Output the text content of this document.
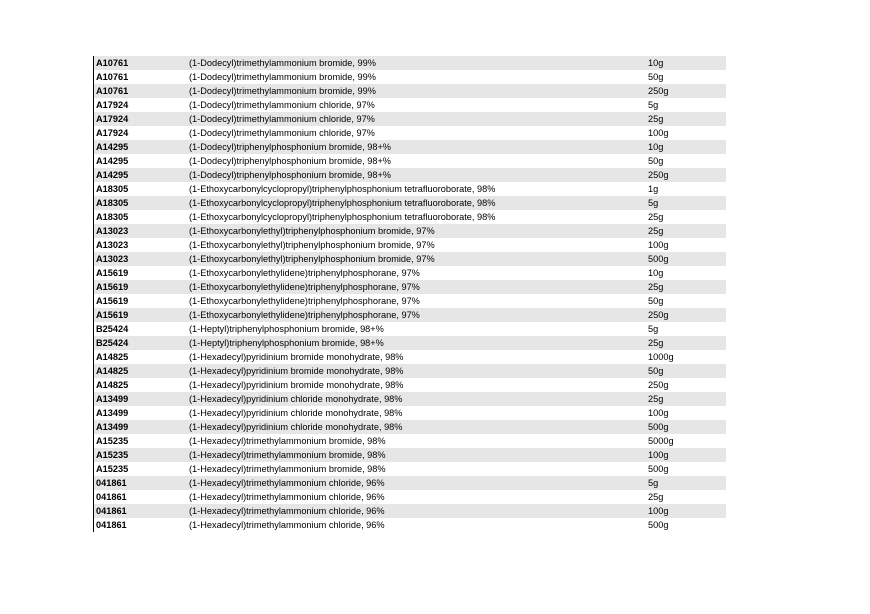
A10761	(1-Dodecyl)trimethylammonium bromide, 99%	10g
A10761	(1-Dodecyl)trimethylammonium bromide, 99%	50g
A10761	(1-Dodecyl)trimethylammonium bromide, 99%	250g
A17924	(1-Dodecyl)trimethylammonium chloride, 97%	5g
A17924	(1-Dodecyl)trimethylammonium chloride, 97%	25g
A17924	(1-Dodecyl)trimethylammonium chloride, 97%	100g
A14295	(1-Dodecyl)triphenylphosphonium bromide, 98+%	10g
A14295	(1-Dodecyl)triphenylphosphonium bromide, 98+%	50g
A14295	(1-Dodecyl)triphenylphosphonium bromide, 98+%	250g
A18305	(1-Ethoxycarbonylcyclopropyl)triphenylphosphonium tetrafluoroborate, 98%	1g
A18305	(1-Ethoxycarbonylcyclopropyl)triphenylphosphonium tetrafluoroborate, 98%	5g
A18305	(1-Ethoxycarbonylcyclopropyl)triphenylphosphonium tetrafluoroborate, 98%	25g
A13023	(1-Ethoxycarbonylethyl)triphenylphosphonium bromide, 97%	25g
A13023	(1-Ethoxycarbonylethyl)triphenylphosphonium bromide, 97%	100g
A13023	(1-Ethoxycarbonylethyl)triphenylphosphonium bromide, 97%	500g
A15619	(1-Ethoxycarbonylethylidene)triphenylphosphorane, 97%	10g
A15619	(1-Ethoxycarbonylethylidene)triphenylphosphorane, 97%	25g
A15619	(1-Ethoxycarbonylethylidene)triphenylphosphorane, 97%	50g
A15619	(1-Ethoxycarbonylethylidene)triphenylphosphorane, 97%	250g
B25424	(1-Heptyl)triphenylphosphonium bromide, 98+%	5g
B25424	(1-Heptyl)triphenylphosphonium bromide, 98+%	25g
A14825	(1-Hexadecyl)pyridinium bromide monohydrate, 98%	1000g
A14825	(1-Hexadecyl)pyridinium bromide monohydrate, 98%	50g
A14825	(1-Hexadecyl)pyridinium bromide monohydrate, 98%	250g
A13499	(1-Hexadecyl)pyridinium chloride monohydrate, 98%	25g
A13499	(1-Hexadecyl)pyridinium chloride monohydrate, 98%	100g
A13499	(1-Hexadecyl)pyridinium chloride monohydrate, 98%	500g
A15235	(1-Hexadecyl)trimethylammonium bromide, 98%	5000g
A15235	(1-Hexadecyl)trimethylammonium bromide, 98%	100g
A15235	(1-Hexadecyl)trimethylammonium bromide, 98%	500g
041861	(1-Hexadecyl)trimethylammonium chloride, 96%	5g
041861	(1-Hexadecyl)trimethylammonium chloride, 96%	25g
041861	(1-Hexadecyl)trimethylammonium chloride, 96%	100g
041861	(1-Hexadecyl)trimethylammonium chloride, 96%	500g
